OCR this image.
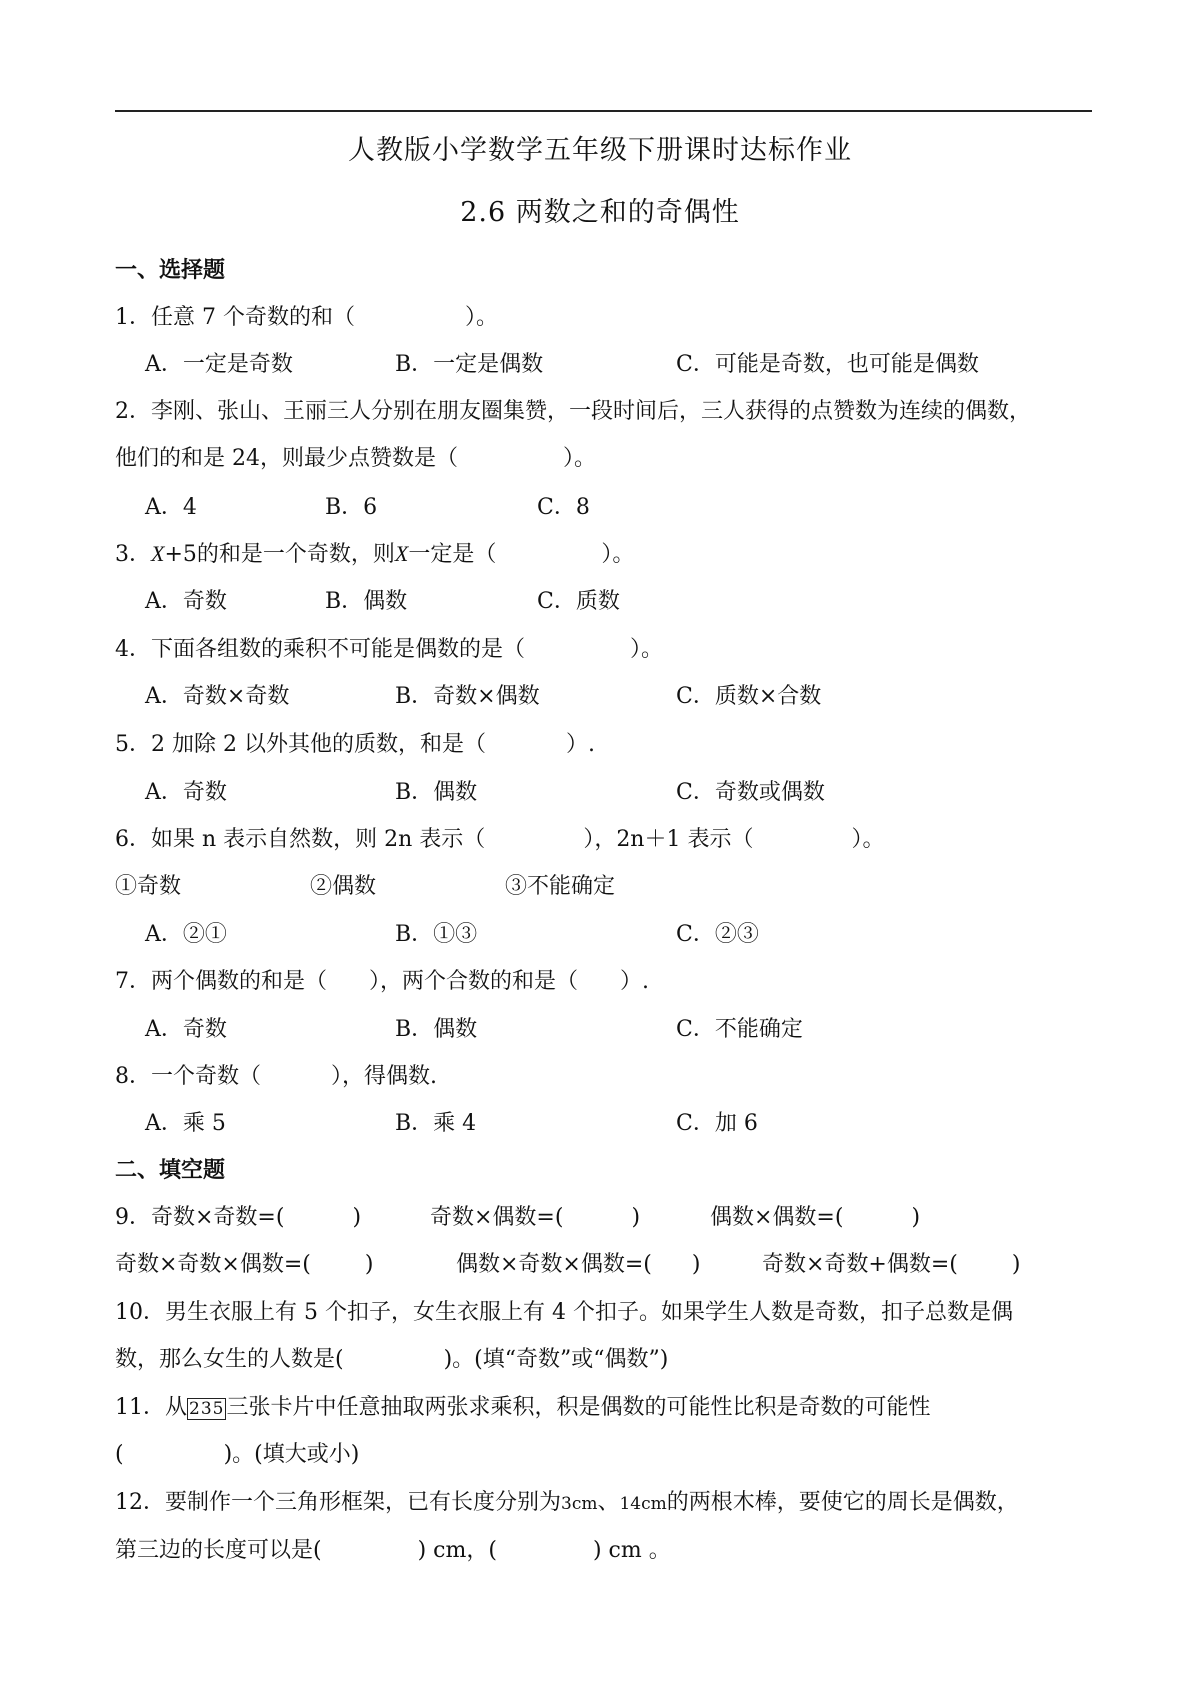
人教版小学数学五年级下册课时达标作业
2.6 两数之和的奇偶性
一、选择题
1．任意 7 个奇数的和（	）。
A．一定是奇数	B．一定是偶数	C．可能是奇数，也可能是偶数
2．李刚、张山、王丽三人分别在朋友圈集赞，一段时间后，三人获得的点赞数为连续的偶数，
他们的和是 24，则最少点赞数是（	）。
A．4	B．6	C．8
3．X+5的和是一个奇数，则X一定是（	）。
A．奇数	B．偶数	C．质数
4．下面各组数的乘积不可能是偶数的是（	）。
A．奇数×奇数	B．奇数×偶数	C．质数×合数
5．2 加除 2 以外其他的质数，和是（	）.
A．奇数	B．偶数	C．奇数或偶数
6．如果 n 表示自然数，则 2n 表示（	），2n＋1 表示（	）。
①奇数	②偶数	③不能确定
A．②①	B．①③	C．②③
7．两个偶数的和是（ ），两个合数的和是（ ）.
A．奇数	B．偶数	C．不能确定
8．一个奇数（	），得偶数.
A．乘 5	B．乘 4	C．加 6
二、填空题
9．奇数×奇数=(	)	奇数×偶数=(	)	偶数×偶数=(	)
奇数×奇数×偶数=( )	偶数×奇数×偶数=( )	奇数×奇数+偶数=( )
10．男生衣服上有 5 个扣子，女生衣服上有 4 个扣子。如果学生人数是奇数，扣子总数是偶
数，那么女生的人数是(	)。(填“奇数”或“偶数”)
11．从 235三张卡片中任意抽取两张求乘积，积是偶数的可能性比积是奇数的可能性
(	)。(填大或小)
12．要制作一个三角形框架，已有长度分别为3cm、14cm的两根木棒，要使它的周长是偶数，
第三边的长度可以是(	) cm，(	) cm 。
